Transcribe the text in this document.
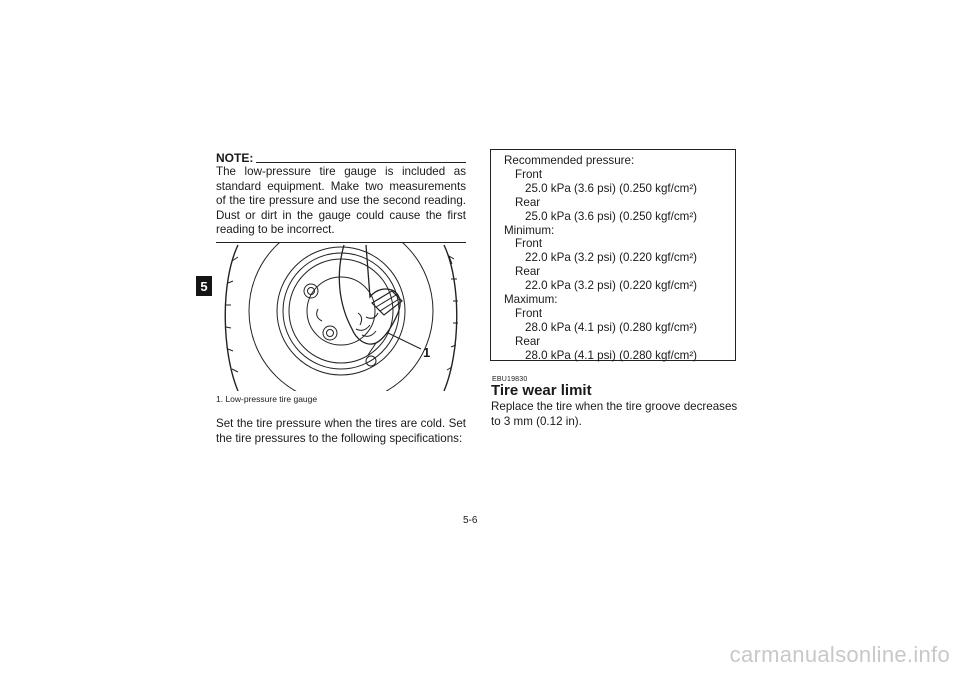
5
NOTE:
The low-pressure tire gauge is included as standard equipment. Make two measurements of the tire pressure and use the second reading. Dust or dirt in the gauge could cause the first reading to be incorrect.
1
1. Low-pressure tire gauge
Set the tire pressure when the tires are cold. Set the tire pressures to the following specifications:
Recommended pressure:
Front
25.0 kPa (3.6 psi) (0.250 kgf/cm²)
Rear
25.0 kPa (3.6 psi) (0.250 kgf/cm²)
Minimum:
Front
22.0 kPa (3.2 psi) (0.220 kgf/cm²)
Rear
22.0 kPa (3.2 psi) (0.220 kgf/cm²)
Maximum:
Front
28.0 kPa (4.1 psi) (0.280 kgf/cm²)
Rear
28.0 kPa (4.1 psi) (0.280 kgf/cm²)
EBU19830
Tire wear limit
Replace the tire when the tire groove decreases to 3 mm (0.12 in).
5-6
carmanualsonline.info
